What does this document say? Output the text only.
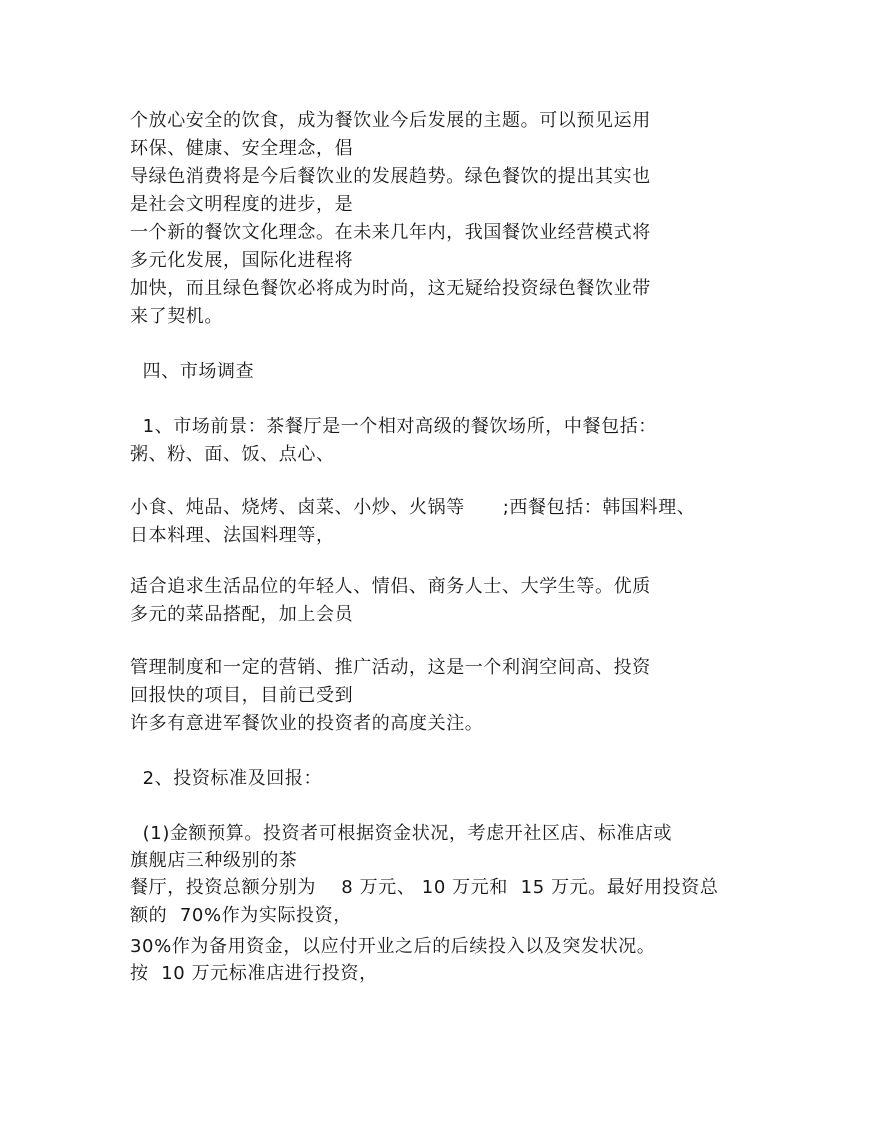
个放心安全的饮食，成为餐饮业今后发展的主题。可以预见运用
环保、健康、安全理念，倡
导绿色消费将是今后餐饮业的发展趋势。绿色餐饮的提出其实也
是社会文明程度的进步，是
一个新的餐饮文化理念。在未来几年内，我国餐饮业经营模式将
多元化发展，国际化进程将
加快，而且绿色餐饮必将成为时尚，这无疑给投资绿色餐饮业带
来了契机。
四、市场调查
1、市场前景：茶餐厅是一个相对高级的餐饮场所，中餐包括：
粥、粉、面、饭、点心、
小食、炖品、烧烤、卤菜、小炒、火锅等      ;西餐包括：韩国料理、
日本料理、法国料理等，
适合追求生活品位的年轻人、情侣、商务人士、大学生等。优质
多元的菜品搭配，加上会员
管理制度和一定的营销、推广活动，这是一个利润空间高、投资
回报快的项目，目前已受到
许多有意进军餐饮业的投资者的高度关注。
2、投资标准及回报：
(1)金额预算。投资者可根据资金状况，考虑开社区店、标准店或
旗舰店三种级别的茶
餐厅，投资总额分别为    8 万元、 10 万元和  15 万元。最好用投资总
额的  70%作为实际投资，
30%作为备用资金，以应付开业之后的后续投入以及突发状况。
按  10 万元标准店进行投资，
